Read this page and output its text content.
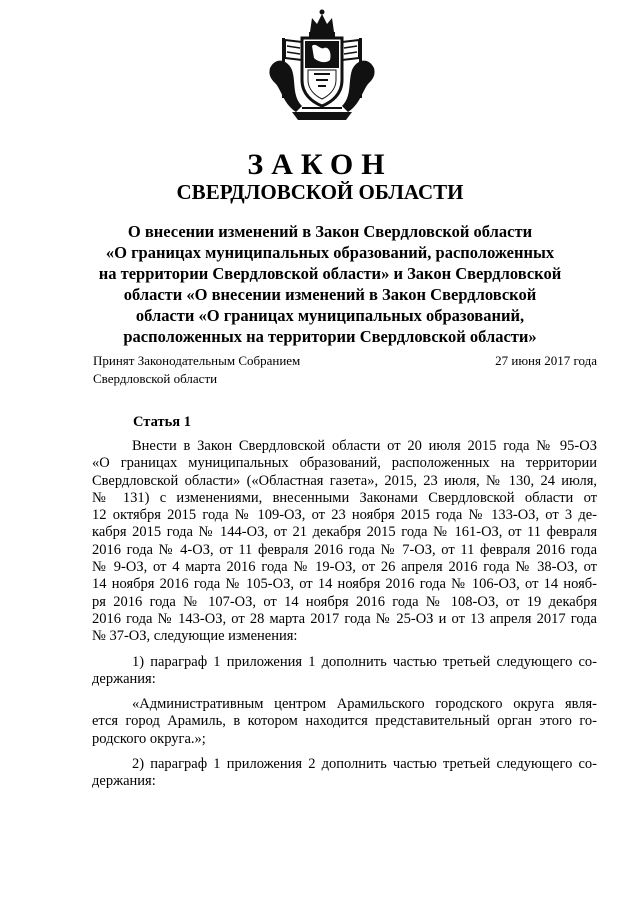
ЗАКОН
СВЕРДЛОВСКОЙ ОБЛАСТИ
О внесении изменений в Закон Свердловской области
«О границах муниципальных образований, расположенных
на территории Свердловской области» и Закон Свердловской
области «О внесении изменений в Закон Свердловской
области «О границах муниципальных образований,
расположенных на территории Свердловской области»
Принят Законодательным Собранием
Свердловской области
27 июня 2017 года
Статья 1
Внести в Закон Свердловской области от 20 июля 2015 года № 95-ОЗ
«О границах муниципальных образований, расположенных на территории
Свердловской области» («Областная газета», 2015, 23 июля, № 130, 24 июля,
№ 131) с изменениями, внесенными Законами Свердловской области от
12 октября 2015 года № 109-ОЗ, от 23 ноября 2015 года № 133-ОЗ, от 3 де-
кабря 2015 года № 144-ОЗ, от 21 декабря 2015 года № 161-ОЗ, от 11 февраля
2016 года № 4-ОЗ, от 11 февраля 2016 года № 7-ОЗ, от 11 февраля 2016 года
№ 9-ОЗ, от 4 марта 2016 года № 19-ОЗ, от 26 апреля 2016 года № 38-ОЗ, от
14 ноября 2016 года № 105-ОЗ, от 14 ноября 2016 года № 106-ОЗ, от 14 нояб-
ря 2016 года № 107-ОЗ, от 14 ноября 2016 года № 108-ОЗ, от 19 декабря
2016 года № 143-ОЗ, от 28 марта 2017 года № 25-ОЗ и от 13 апреля 2017 года
№ 37-ОЗ, следующие изменения:
1) параграф 1 приложения 1 дополнить частью третьей следующего со-
держания:
«Административным центром Арамильского городского округа явля-
ется город Арамиль, в котором находится представительный орган этого го-
родского округа.»;
2) параграф 1 приложения 2 дополнить частью третьей следующего со-
держания:
